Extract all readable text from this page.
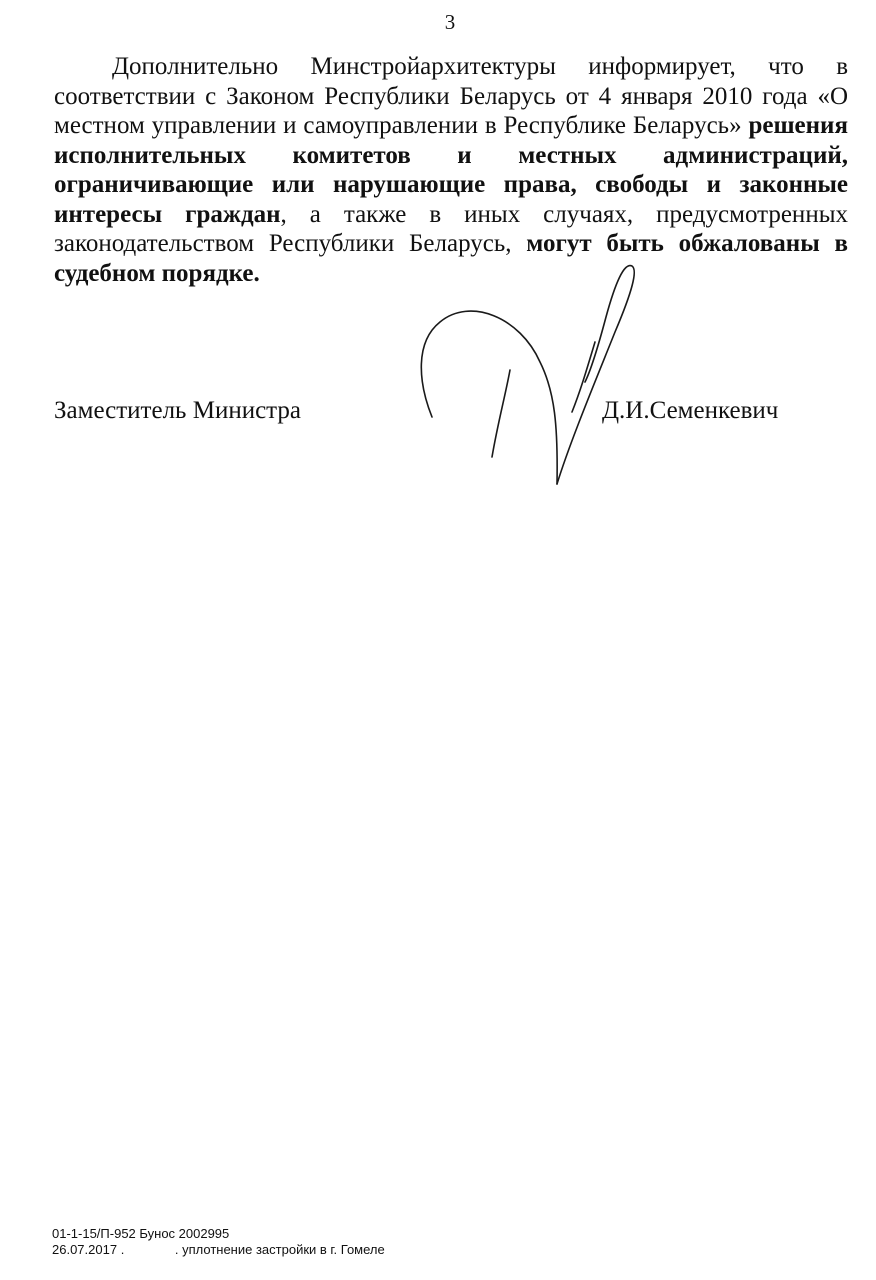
3

Дополнительно Минстройархитектуры информирует, что в соответствии с Законом Республики Беларусь от 4 января 2010 года «О местном управлении и самоуправлении в Республике Беларусь» решения исполнительных комитетов и местных администраций, ограничивающие или нарушающие права, свободы и законные интересы граждан, а также в иных случаях, предусмотренных законодательством Республики Беларусь, могут быть обжалованы в судебном порядке.

Заместитель Министра	Д.И.Семенкевич
01-1-15/П-952 Бунос 2002995
26.07.2017 .              . уплотнение застройки в г. Гомеле
